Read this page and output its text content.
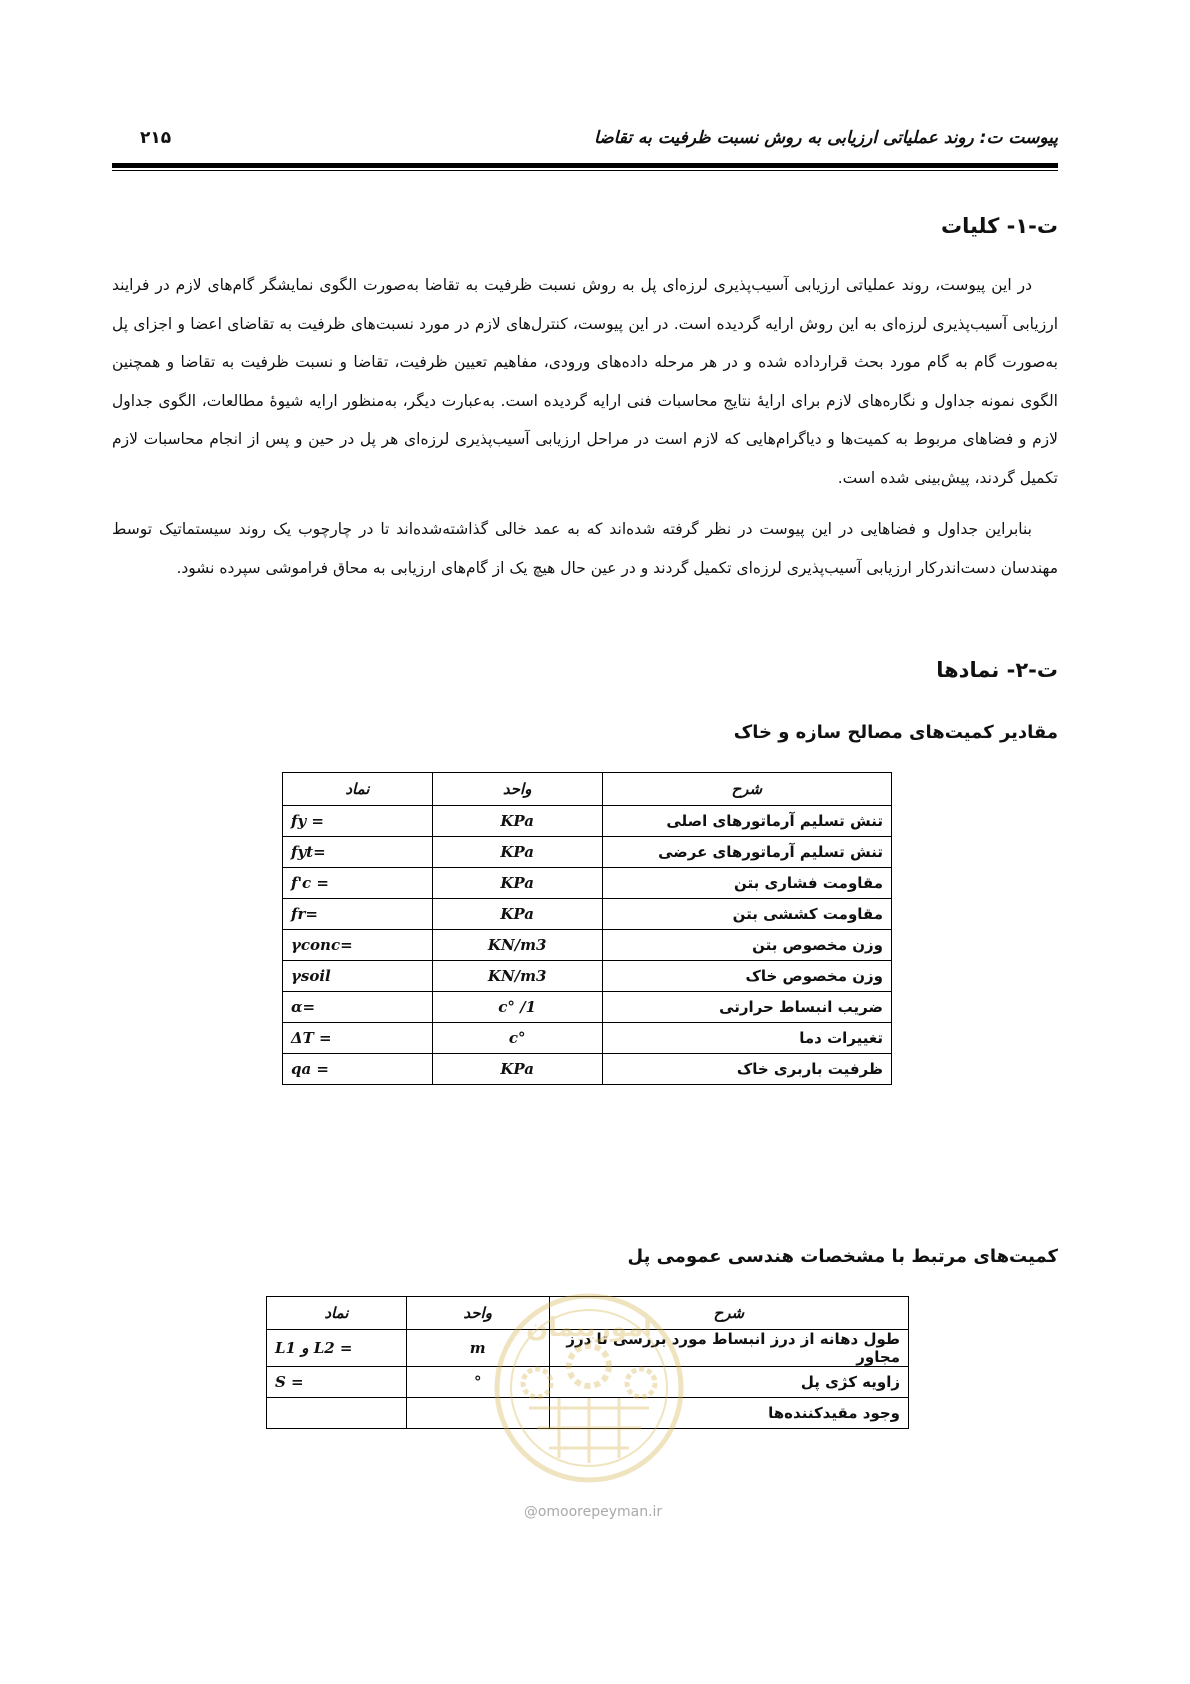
پیوست ت: روند عملیاتی ارزیابی به روش نسبت ظرفیت به تقاضا
۲۱۵
ت-۱- کلیات

در این پیوست، روند عملیاتی ارزیابی آسیب‌پذیری لرزه‌ای پل به روش نسبت ظرفیت به تقاضا به‌صورت الگوی نمایشگر گام‌های لازم در فرایند ارزیابی آسیب‌پذیری لرزه‌ای به این روش ارایه گردیده است. در این پیوست، کنترل‌های لازم در مورد نسبت‌های ظرفیت به تقاضای اعضا و اجزای پل به‌صورت گام به گام مورد بحث قرارداده شده و در هر مرحله داده‌های ورودی، مفاهیم تعیین ظرفیت، تقاضا و نسبت ظرفیت به تقاضا و همچنین الگوی نمونه جداول و نگاره‌های لازم برای ارایهٔ نتایج محاسبات فنی ارایه گردیده است. به‌عبارت دیگر، به‌منظور ارایه شیوهٔ مطالعات، الگوی جداول لازم و فضاهای مربوط به کمیت‌ها و دیاگرام‌هایی که لازم است در مراحل ارزیابی آسیب‌پذیری لرزه‌ای هر پل در حین و پس از انجام محاسبات لازم تکمیل گردند، پیش‌بینی شده است.

بنابراین جداول و فضاهایی در این پیوست در نظر گرفته شده‌اند که به عمد خالی گذاشته‌شده‌اند تا در چارچوب یک روند سیستماتیک توسط مهندسان دست‌اندرکار ارزیابی آسیب‌پذیری لرزه‌ای تکمیل گردند و در عین حال هیچ یک از گام‌های ارزیابی به محاق فراموشی سپرده نشود.

ت-۲- نمادها
مقادیر کمیت‌های مصالح سازه و خاک
شرح	واحد	نماد
تنش تسلیم آرماتورهای اصلی	KPa	fy =
تنش تسلیم آرماتورهای عرضی	KPa	fyt=
مقاومت فشاری بتن	KPa	f'c =
مقاومت کششی بتن	KPa	fr=
وزن مخصوص بتن	KN/m3	γconc=
وزن مخصوص خاک	KN/m3	γsoil
ضریب انبساط حرارتی	1/ °c	α=
تغییرات دما	°c	ΔT =
ظرفیت باربری خاک	KPa	qa =
کمیت‌های مرتبط با مشخصات هندسی عمومی پل
شرح	واحد	نماد
طول دهانه از درز انبساط مورد بررسی تا درز مجاور	m	L1 و L2 =
زاویه کژی پل	°	S =
وجود مقیدکننده‌ها		
امورپیمان
@omoorepeyman.ir
